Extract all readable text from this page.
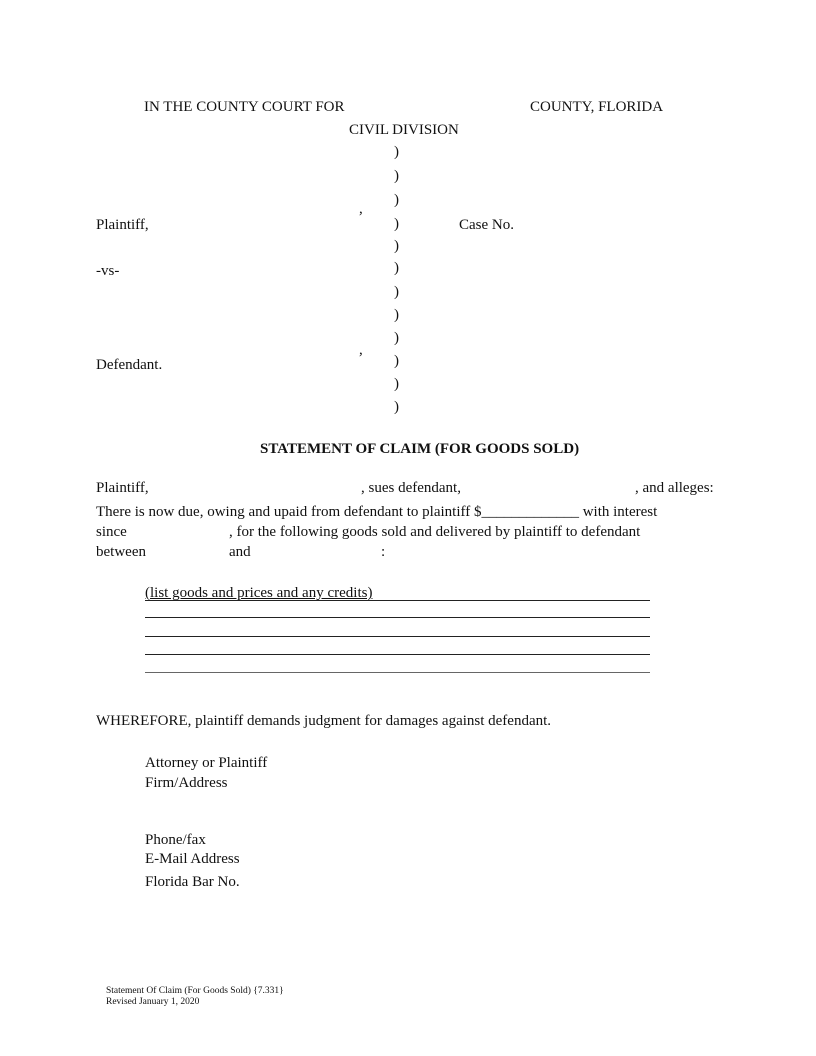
IN THE COUNTY COURT FOR	COUNTY, FLORIDA
CIVIL DIVISION
)
)
)
)
)
)
)
)
)
)
)
)
,
Plaintiff,	Case No.
-vs-
,
Defendant.
STATEMENT OF CLAIM (FOR GOODS SOLD)
Plaintiff,	, sues defendant,	, and alleges:
There is now due, owing and upaid from defendant to plaintiff $_____________ with interest
since	, for the following goods sold and delivered by plaintiff to defendant
between	and	:
(list goods and prices and any credits)
WHEREFORE, plaintiff demands judgment for damages against defendant.
Attorney or Plaintiff
Firm/Address
Phone/fax
E-Mail Address
Florida Bar No.
Statement Of Claim (For Goods Sold) {7.331}
Revised January 1, 2020
